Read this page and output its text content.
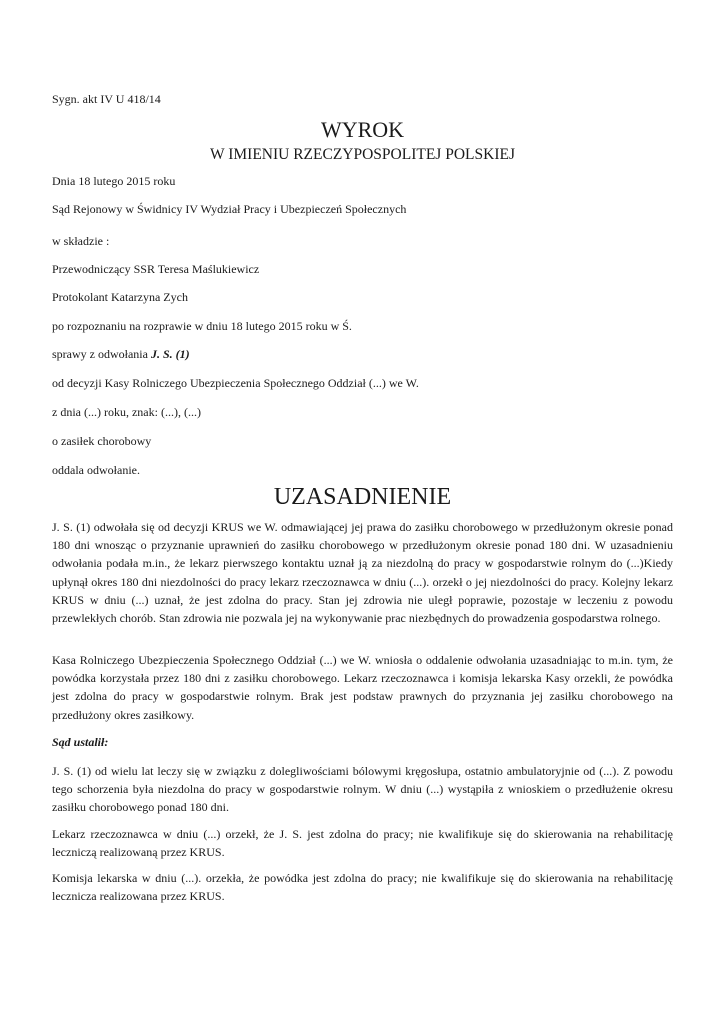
Sygn. akt IV U 418/14
WYROK
W IMIENIU RZECZYPOSPOLITEJ POLSKIEJ
Dnia 18 lutego 2015 roku
Sąd Rejonowy w Świdnicy IV Wydział Pracy i Ubezpieczeń Społecznych
w składzie :
Przewodniczący SSR Teresa Maślukiewicz
Protokolant Katarzyna Zych
po rozpoznaniu na rozprawie w dniu 18 lutego 2015 roku w Ś.
sprawy z odwołania J. S. (1)
od decyzji Kasy Rolniczego Ubezpieczenia Społecznego Oddział (...) we W.
z dnia (...) roku, znak: (...), (...)
o zasiłek chorobowy
oddala odwołanie.
UZASADNIENIE
J. S. (1) odwołała się od decyzji KRUS we W. odmawiającej jej prawa do zasiłku chorobowego w przedłużonym okresie ponad 180 dni wnosząc o przyznanie uprawnień do zasiłku chorobowego w przedłużonym okresie ponad 180 dni. W uzasadnieniu odwołania podała m.in., że lekarz pierwszego kontaktu uznał ją za niezdolną do pracy w gospodarstwie rolnym do (...)Kiedy upłynął okres 180 dni niezdolności do pracy lekarz rzeczoznawca w dniu (...). orzekł o jej niezdolności do pracy. Kolejny lekarz KRUS w dniu (...) uznał, że jest zdolna do pracy. Stan jej zdrowia nie uległ poprawie, pozostaje w leczeniu z powodu przewlekłych chorób. Stan zdrowia nie pozwala jej na wykonywanie prac niezbędnych do prowadzenia gospodarstwa rolnego.
Kasa Rolniczego Ubezpieczenia Społecznego Oddział (...) we W. wniosła o oddalenie odwołania uzasadniając to m.in. tym, że powódka korzystała przez 180 dni z zasiłku chorobowego. Lekarz rzeczoznawca i komisja lekarska Kasy orzekli, że powódka jest zdolna do pracy w gospodarstwie rolnym. Brak jest podstaw prawnych do przyznania jej zasiłku chorobowego na przedłużony okres zasiłkowy.
Sąd ustalił:
J. S. (1) od wielu lat leczy się w związku z dolegliwościami bólowymi kręgosłupa, ostatnio ambulatoryjnie od (...). Z powodu tego schorzenia była niezdolna do pracy w gospodarstwie rolnym. W dniu (...) wystąpiła z wnioskiem o przedłużenie okresu zasiłku chorobowego ponad 180 dni.
Lekarz rzeczoznawca w dniu (...) orzekł, że J. S. jest zdolna do pracy; nie kwalifikuje się do skierowania na rehabilitację leczniczą realizowaną przez KRUS.
Komisja lekarska w dniu (...). orzekła, że powódka jest zdolna do pracy; nie kwalifikuje się do skierowania na rehabilitację lecznicza realizowana przez KRUS.
